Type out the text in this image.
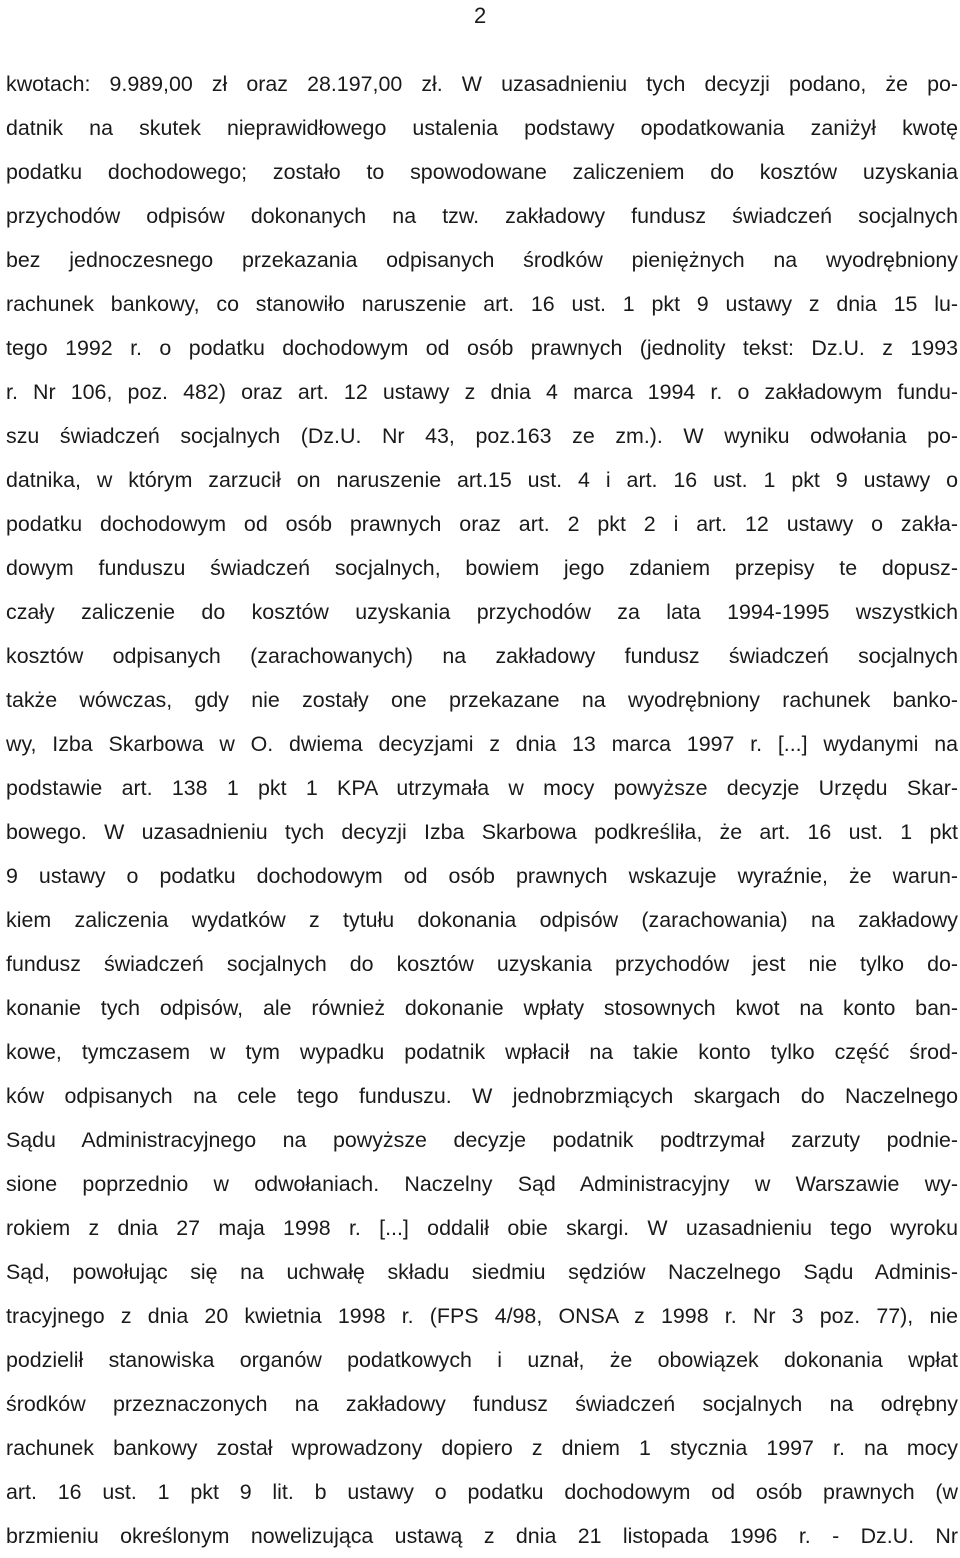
2
kwotach: 9.989,00 zł oraz 28.197,00 zł. W uzasadnieniu tych decyzji podano, że po-
datnik na skutek nieprawidłowego ustalenia podstawy opodatkowania zaniżył kwotę
podatku dochodowego; zostało to spowodowane zaliczeniem do kosztów uzyskania
przychodów odpisów dokonanych na tzw. zakładowy fundusz świadczeń socjalnych
bez jednoczesnego przekazania odpisanych środków pieniężnych na wyodrębniony
rachunek bankowy, co stanowiło naruszenie art. 16 ust. 1 pkt 9 ustawy z dnia 15 lu-
tego 1992 r. o podatku dochodowym od osób prawnych (jednolity tekst: Dz.U. z 1993
r. Nr 106, poz. 482) oraz art. 12 ustawy z dnia 4 marca 1994 r. o zakładowym fundu-
szu świadczeń socjalnych (Dz.U. Nr 43, poz.163 ze zm.). W wyniku odwołania po-
datnika, w którym zarzucił on naruszenie art.15 ust. 4 i art. 16 ust. 1 pkt 9 ustawy o
podatku dochodowym od osób prawnych oraz art. 2 pkt 2 i art. 12 ustawy o zakła-
dowym funduszu świadczeń socjalnych, bowiem jego zdaniem przepisy te dopusz-
czały zaliczenie do kosztów uzyskania przychodów za lata 1994-1995 wszystkich
kosztów odpisanych (zarachowanych) na zakładowy fundusz świadczeń socjalnych
także wówczas, gdy nie zostały one przekazane na wyodrębniony rachunek banko-
wy, Izba Skarbowa w O. dwiema decyzjami z dnia 13 marca 1997 r. [...] wydanymi na
podstawie art. 138 1 pkt 1 KPA utrzymała w mocy powyższe decyzje Urzędu Skar-
bowego. W uzasadnieniu tych decyzji Izba Skarbowa podkreśliła, że art. 16 ust. 1 pkt
9 ustawy o podatku dochodowym od osób prawnych wskazuje wyraźnie, że warun-
kiem zaliczenia wydatków z tytułu dokonania odpisów (zarachowania) na zakładowy
fundusz świadczeń socjalnych do kosztów uzyskania przychodów jest nie tylko do-
konanie tych odpisów, ale również dokonanie wpłaty stosownych kwot na konto ban-
kowe, tymczasem w tym wypadku podatnik wpłacił na takie konto tylko część środ-
ków odpisanych na cele tego funduszu. W jednobrzmiących skargach do Naczelnego
Sądu Administracyjnego na powyższe decyzje podatnik podtrzymał zarzuty podnie-
sione poprzednio w odwołaniach. Naczelny Sąd Administracyjny w Warszawie wy-
rokiem z dnia 27 maja 1998 r. [...] oddalił obie skargi. W uzasadnieniu tego wyroku
Sąd, powołując się na uchwałę składu siedmiu sędziów Naczelnego Sądu Adminis-
tracyjnego z dnia 20 kwietnia 1998 r. (FPS 4/98, ONSA z 1998 r. Nr 3 poz. 77), nie
podzielił stanowiska organów podatkowych i uznał, że obowiązek dokonania wpłat
środków przeznaczonych na zakładowy fundusz świadczeń socjalnych na odrębny
rachunek bankowy został wprowadzony dopiero z dniem 1 stycznia 1997 r. na mocy
art. 16 ust. 1 pkt 9 lit. b ustawy o podatku dochodowym od osób prawnych (w
brzmieniu określonym nowelizująca ustawą z dnia 21 listopada 1996 r. - Dz.U. Nr
